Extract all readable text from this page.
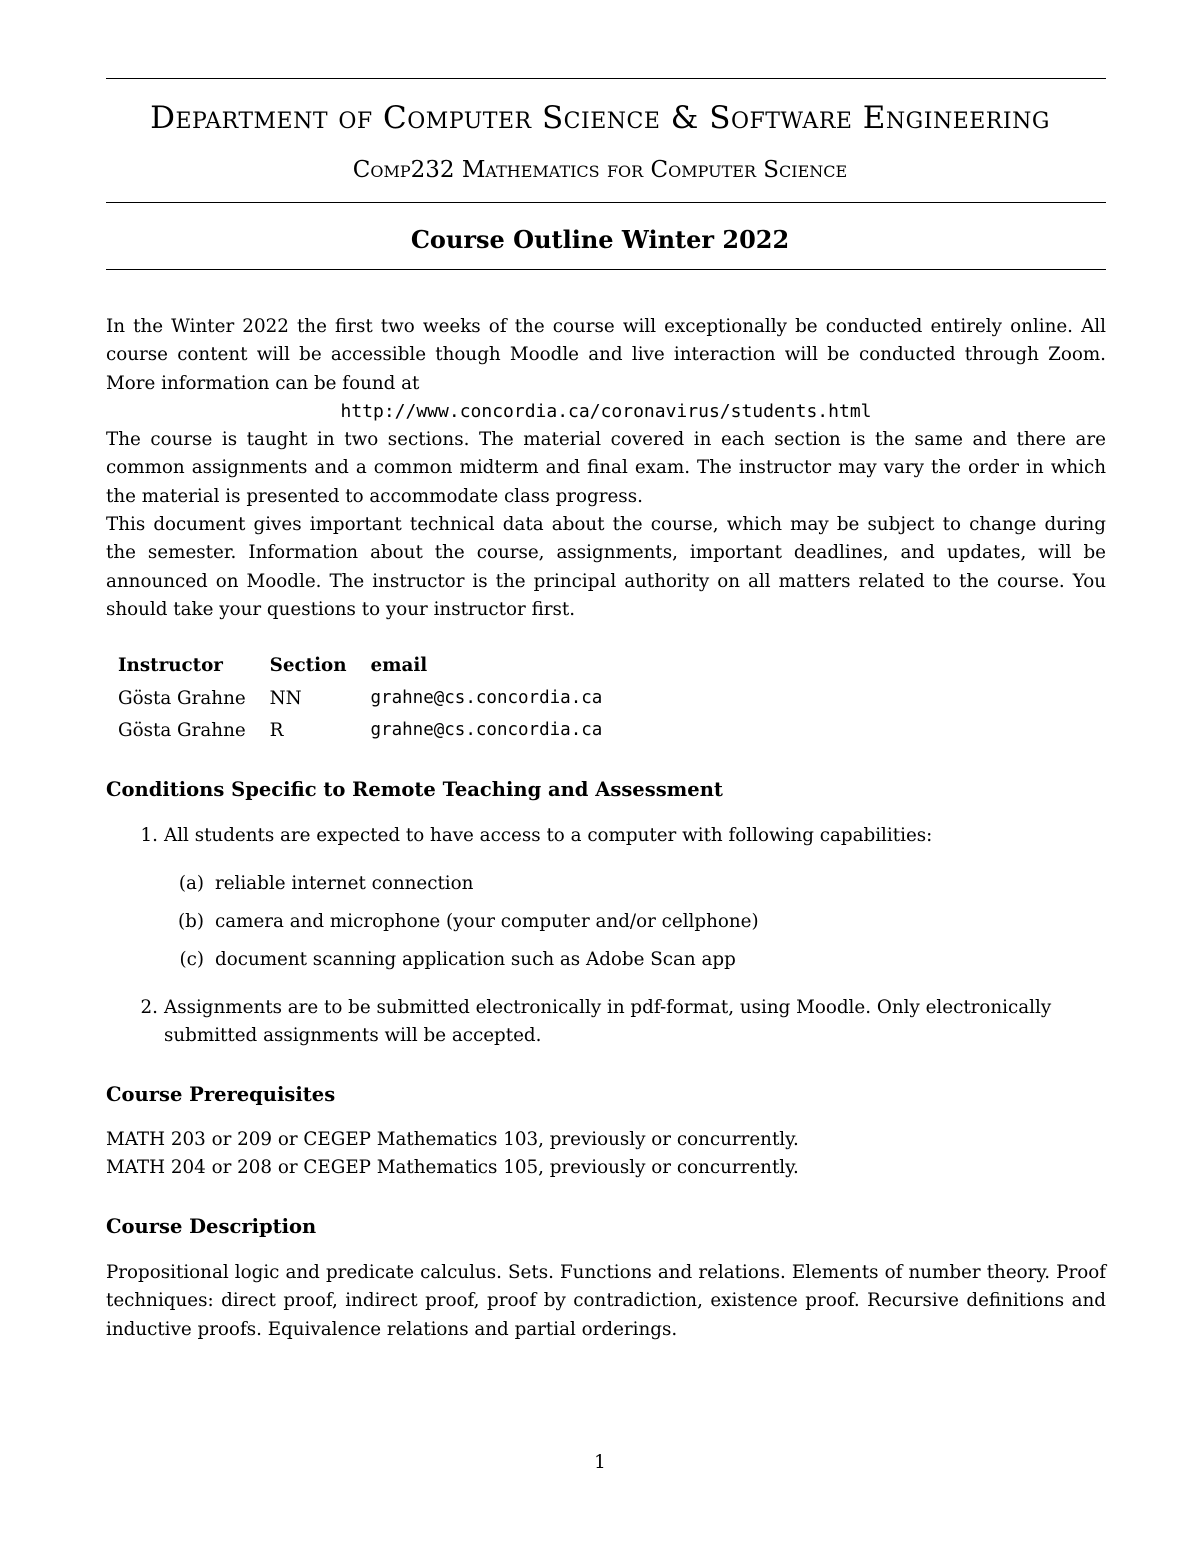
Department of Computer Science & Software Engineering
Comp232 Mathematics for Computer Science
Course Outline Winter 2022

In the Winter 2022 the first two weeks of the course will exceptionally be conducted entirely online. All course content will be accessible though Moodle and live interaction will be conducted through Zoom. More information can be found at

http://www.concordia.ca/coronavirus/students.html

The course is taught in two sections. The material covered in each section is the same and there are common assignments and a common midterm and final exam. The instructor may vary the order in which the material is presented to accommodate class progress.

This document gives important technical data about the course, which may be subject to change during the semester. Information about the course, assignments, important deadlines, and updates, will be announced on Moodle. The instructor is the principal authority on all matters related to the course. You should take your questions to your instructor first.

Instructor	Section	email
Gösta Grahne	NN	grahne@cs.concordia.ca
Gösta Grahne	R	grahne@cs.concordia.ca
Conditions Specific to Remote Teaching and Assessment
1. All students are expected to have access to a computer with following capabilities:
(a) reliable internet connection
(b) camera and microphone (your computer and/or cellphone)
(c) document scanning application such as Adobe Scan app
2. Assignments are to be submitted electronically in pdf-format, using Moodle. Only electronically
submitted assignments will be accepted.
Course Prerequisites
MATH 203 or 209 or CEGEP Mathematics 103, previously or concurrently.
MATH 204 or 208 or CEGEP Mathematics 105, previously or concurrently.
Course Description
Propositional logic and predicate calculus. Sets. Functions and relations. Elements of number theory. Proof techniques: direct proof, indirect proof, proof by contradiction, existence proof. Recursive definitions and inductive proofs. Equivalence relations and partial orderings.
1
